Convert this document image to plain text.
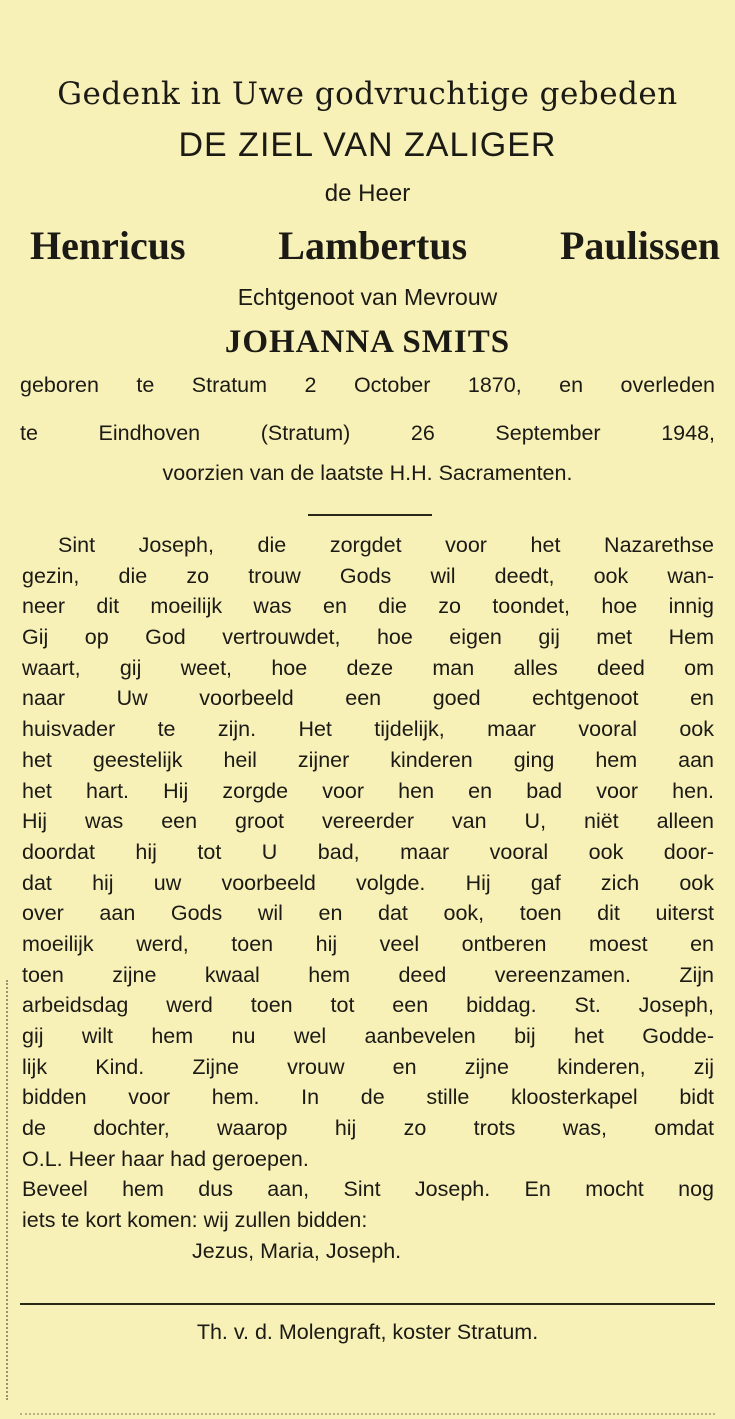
Gedenk in Uwe godvruchtige gebeden
DE ZIEL VAN ZALIGER
de Heer
Henricus Lambertus Paulissen
Echtgenoot van Mevrouw
JOHANNA SMITS
geboren te Stratum 2 October 1870, en overleden
te Eindhoven (Stratum) 26 September 1948,
voorzien van de laatste H.H. Sacramenten.
Sint Joseph, die zorgdet voor het Nazarethse
gezin, die zo trouw Gods wil deedt, ook wan-
neer dit moeilijk was en die zo toondet, hoe innig
Gij op God vertrouwdet, hoe eigen gij met Hem
waart, gij weet, hoe deze man alles deed om
naar Uw voorbeeld een goed echtgenoot en
huisvader te zijn. Het tijdelijk, maar vooral ook
het geestelijk heil zijner kinderen ging hem aan
het hart. Hij zorgde voor hen en bad voor hen.
Hij was een groot vereerder van U, niët alleen
doordat hij tot U bad, maar vooral ook door-
dat hij uw voorbeeld volgde. Hij gaf zich ook
over aan Gods wil en dat ook, toen dit uiterst
moeilijk werd, toen hij veel ontberen moest en
toen zijne kwaal hem deed vereenzamen. Zijn
arbeidsdag werd toen tot een biddag. St. Joseph,
gij wilt hem nu wel aanbevelen bij het Godde-
lijk Kind. Zijne vrouw en zijne kinderen, zij
bidden voor hem. In de stille kloosterkapel bidt
de dochter, waarop hij zo trots was, omdat
O.L. Heer haar had geroepen.
Beveel hem dus aan, Sint Joseph. En mocht nog
iets te kort komen: wij zullen bidden:
Jezus, Maria, Joseph.
Th. v. d. Molengraft, koster Stratum.
